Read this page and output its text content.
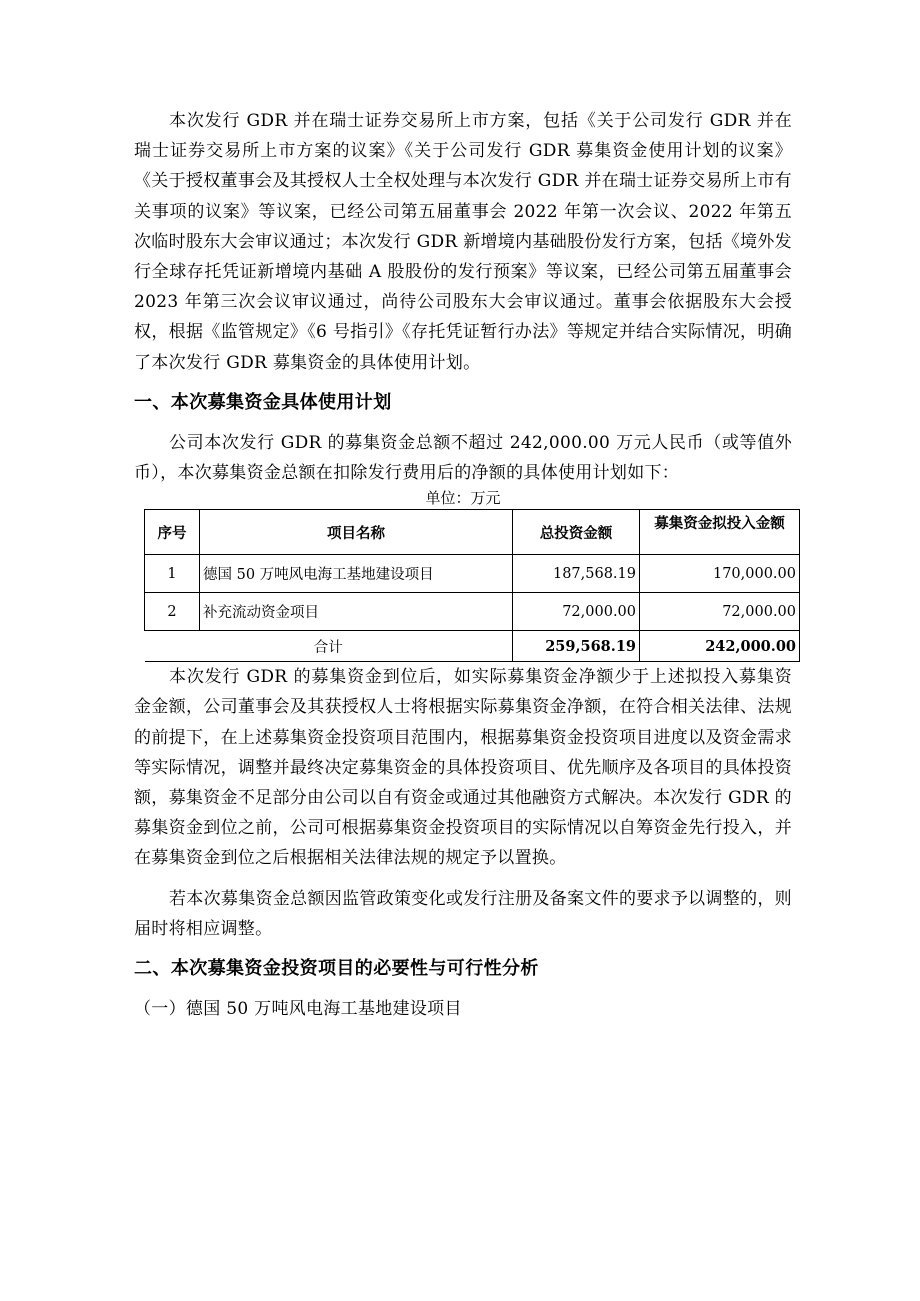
本次发行 GDR 并在瑞士证券交易所上市方案，包括《关于公司发行 GDR 并在瑞士证券交易所上市方案的议案》《关于公司发行 GDR 募集资金使用计划的议案》《关于授权董事会及其授权人士全权处理与本次发行 GDR 并在瑞士证券交易所上市有关事项的议案》等议案，已经公司第五届董事会 2022 年第一次会议、2022 年第五次临时股东大会审议通过；本次发行 GDR 新增境内基础股份发行方案，包括《境外发行全球存托凭证新增境内基础 A 股股份的发行预案》等议案，已经公司第五届董事会 2023 年第三次会议审议通过，尚待公司股东大会审议通过。董事会依据股东大会授权，根据《监管规定》《6 号指引》《存托凭证暂行办法》等规定并结合实际情况，明确了本次发行 GDR 募集资金的具体使用计划。

一、本次募集资金具体使用计划

公司本次发行 GDR 的募集资金总额不超过 242,000.00 万元人民币（或等值外币），本次募集资金总额在扣除发行费用后的净额的具体使用计划如下：

单位：万元
序号	项目名称	总投资金额	募集资金拟投入金额
1	德国 50 万吨风电海工基地建设项目	187,568.19	170,000.00
2	补充流动资金项目	72,000.00	72,000.00
合计		259,568.19	242,000.00

本次发行 GDR 的募集资金到位后，如实际募集资金净额少于上述拟投入募集资金金额，公司董事会及其获授权人士将根据实际募集资金净额，在符合相关法律、法规的前提下，在上述募集资金投资项目范围内，根据募集资金投资项目进度以及资金需求等实际情况，调整并最终决定募集资金的具体投资项目、优先顺序及各项目的具体投资额，募集资金不足部分由公司以自有资金或通过其他融资方式解决。本次发行 GDR 的募集资金到位之前，公司可根据募集资金投资项目的实际情况以自筹资金先行投入，并在募集资金到位之后根据相关法律法规的规定予以置换。

若本次募集资金总额因监管政策变化或发行注册及备案文件的要求予以调整的，则届时将相应调整。

二、本次募集资金投资项目的必要性与可行性分析
（一）德国 50 万吨风电海工基地建设项目
